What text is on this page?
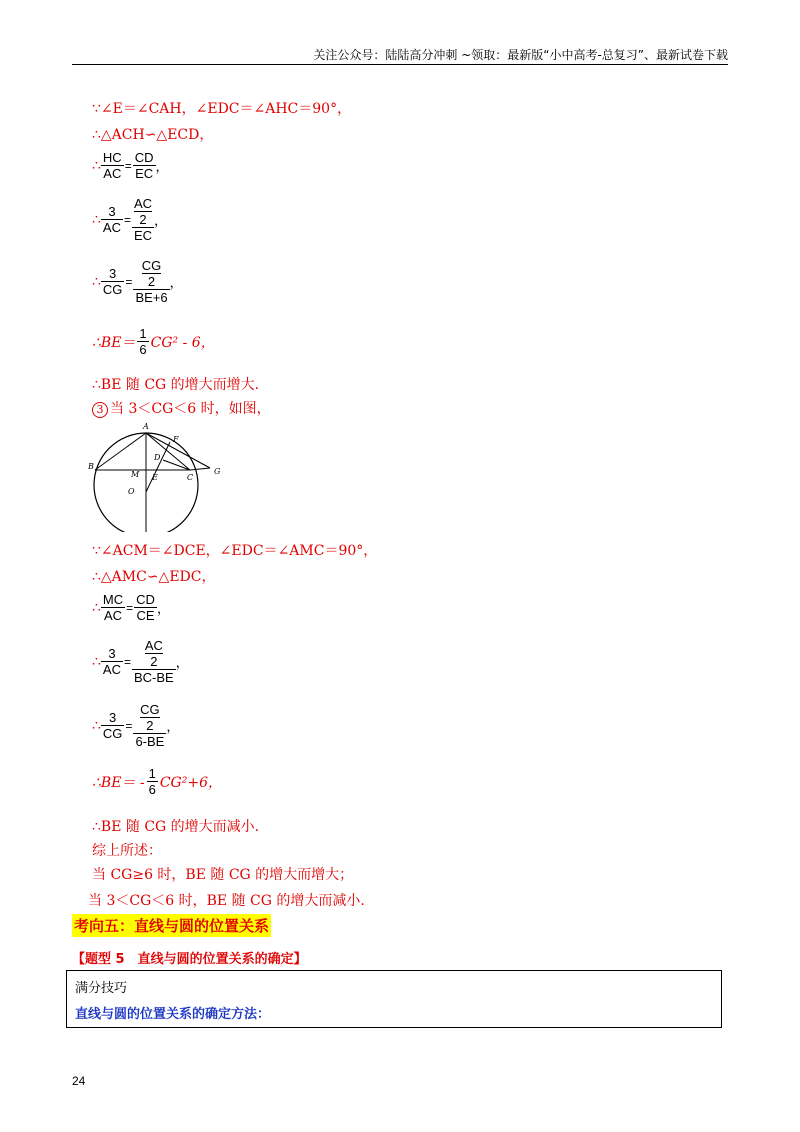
关注公众号：陆陆高分冲刺 ~领取：最新版“小中高考-总复习”、最新试卷下载
∵∠E＝∠CAH，∠EDC＝∠AHC＝90°，
∴△ACH∽△ECD，
∴ $\frac{HC}{AC} = \frac{CD}{EC}$ ，
∴ $\frac{3}{AC} = \frac{\frac{AC}{2}}{EC}$ ，
∴ $\frac{3}{CG} = \frac{\frac{CG}{2}}{BE+6}$ ，
∴BE＝ $\frac{1}{6} CG^2 - 6$，
∴BE 随 CG 的增大而增大.
3 当 3＜CG＜6 时，如图，
A
F
B
D
M E	C
G
O
∵∠ACM＝∠DCE，∠EDC＝∠AMC＝90°，
∴△AMC∽△EDC，
∴ $\frac{MC}{AC} = \frac{CD}{CE}$ ，
∴ $\frac{3}{AC} = \frac{\frac{AC}{2}}{BC-BE}$ ，
∴ $\frac{3}{CG} = \frac{\frac{CG}{2}}{6-BE}$ ，
∴BE＝ - $\frac{1}{6} CG^2+6$，
∴BE 随 CG 的增大而减小.
综上所述：
当 CG≥6 时，BE 随 CG 的增大而增大；
当 3＜CG＜6 时，BE 随 CG 的增大而减小.
考向五：直线与圆的位置关系
【题型 5　直线与圆的位置关系的确定】
满分技巧
直线与圆的位置关系的确定方法：
24
